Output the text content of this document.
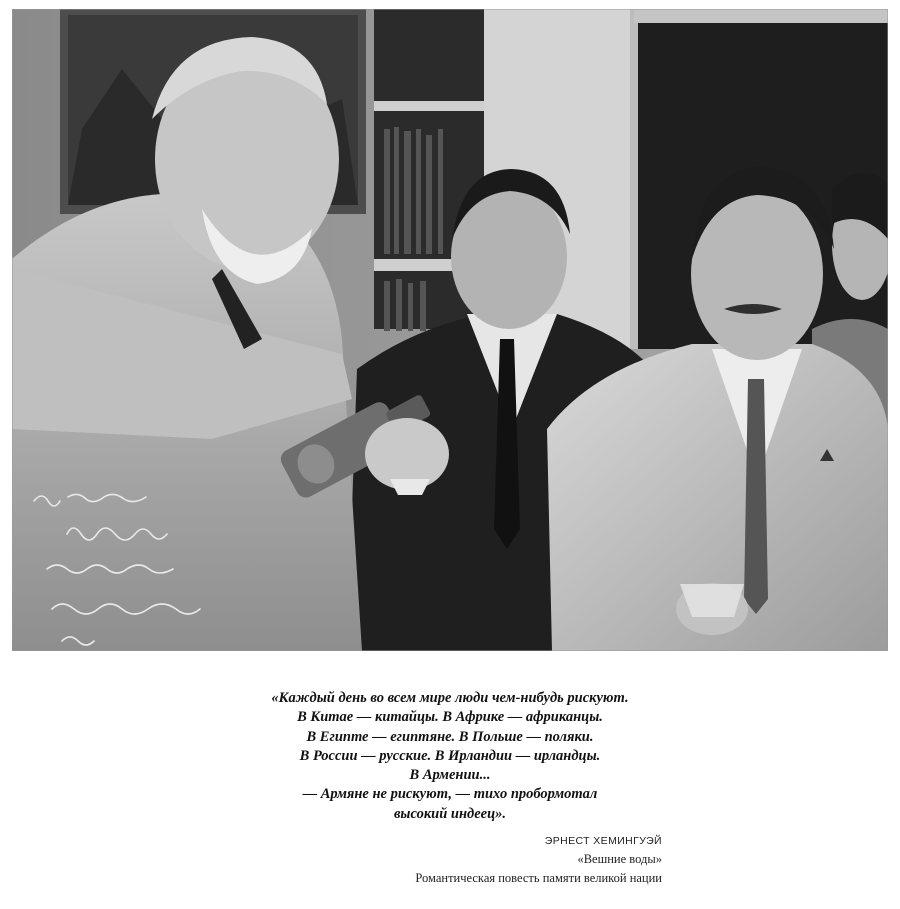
«Каждый день во всем мире люди чем-нибудь рискуют.
В Китае — китайцы. В Африке — африканцы.
В Египте — египтяне. В Польше — поляки.
В России — русские. В Ирландии — ирландцы.
В Армении...
— Армяне не рискуют, — тихо пробормотал
высокий индеец».
ЭРНЕСТ ХЕМИНГУЭЙ
«Вешние воды»
Романтическая повесть памяти великой нации
